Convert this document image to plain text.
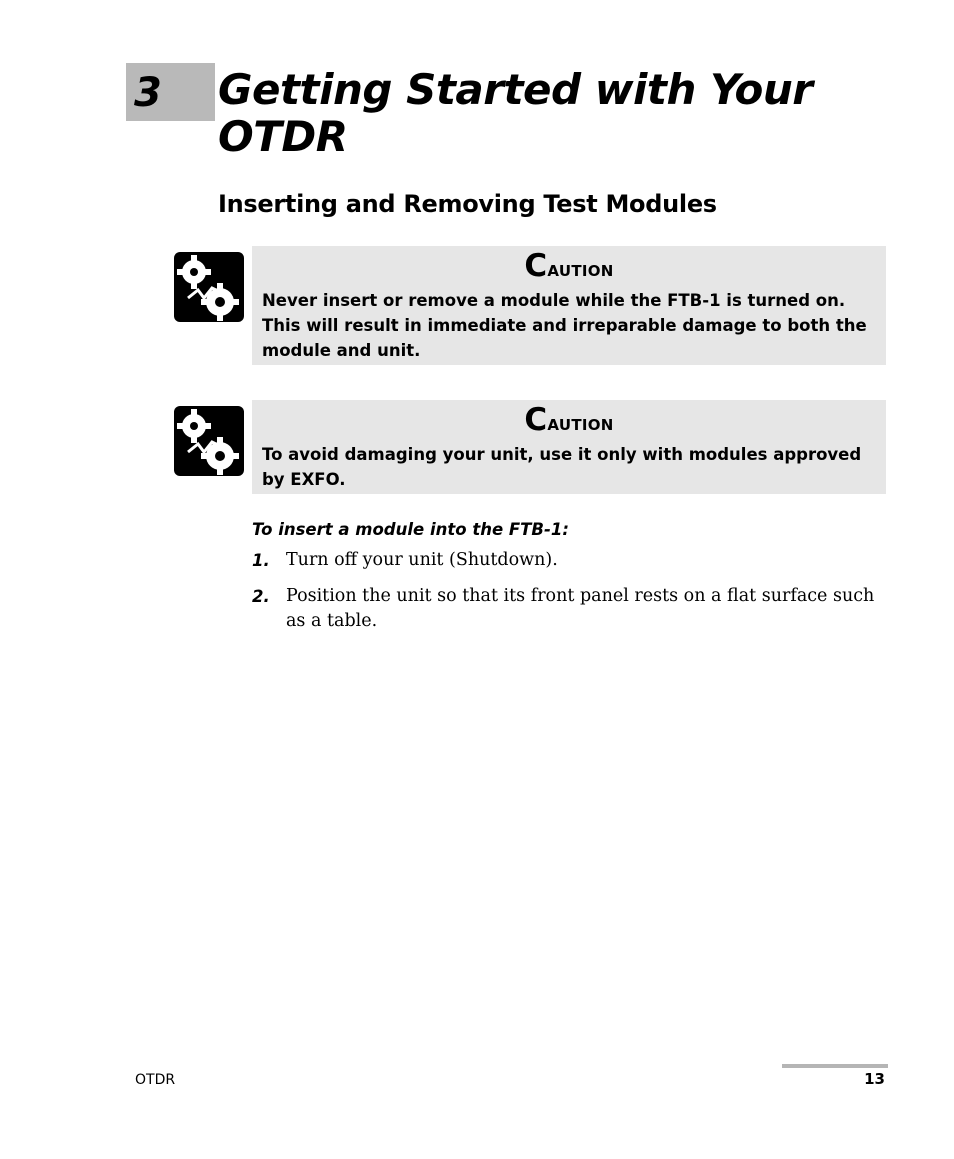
3 Getting Started with Your OTDR
Inserting and Removing Test Modules
Caution
Never insert or remove a module while the FTB-1 is turned on. This will result in immediate and irreparable damage to both the module and unit.
Caution
To avoid damaging your unit, use it only with modules approved by EXFO.
To insert a module into the FTB-1:
1. Turn off your unit (Shutdown).
2. Position the unit so that its front panel rests on a flat surface such as a table.
OTDR	13
